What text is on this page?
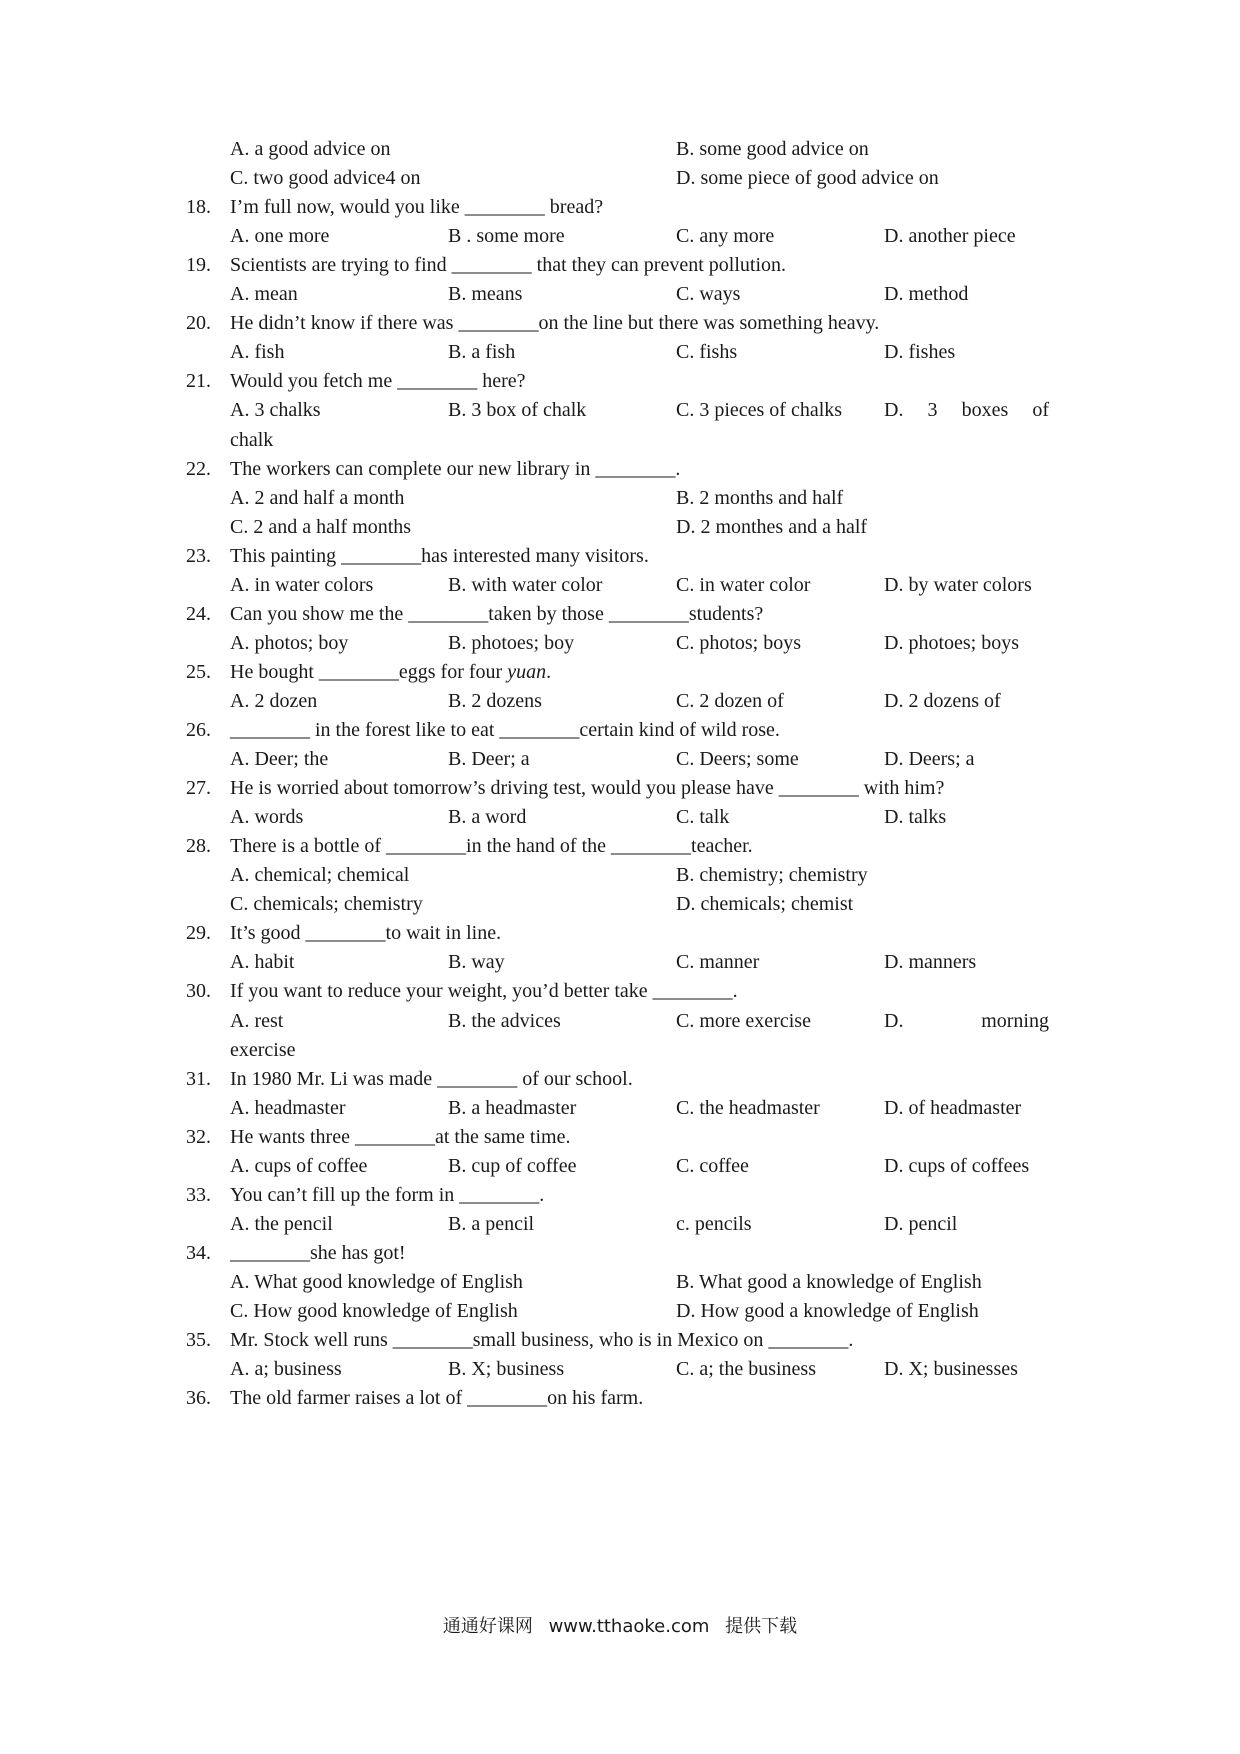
A. a good advice on	B. some good advice on
C. two good advice4 on	D. some piece of good advice on
18. I’m full now, would you like ________ bread?
A. one more	B . some more	C. any more	D. another piece
19. Scientists are trying to find ________ that they can prevent pollution.
A. mean	B. means	C. ways	D. method
20. He didn’t know if there was ________on the line but there was something heavy.
A. fish	B. a fish	C. fishs	D. fishes
21. Would you fetch me ________ here?
A. 3 chalks	B. 3 box of chalk	C. 3 pieces of chalks D. 3 boxes of
chalk
22. The workers can complete our new library in ________.
A. 2 and half a month	B. 2 months and half
C. 2 and a half months	D. 2 monthes and a half
23. This painting ________has interested many visitors.
A. in water colors	B. with water color	C. in water color	D. by water colors
24. Can you show me the ________taken by those ________students?
A. photos; boy	B. photoes; boy	C. photos; boys	D. photoes; boys
25. He bought ________eggs for four yuan.
A. 2 dozen	B. 2 dozens	C. 2 dozen of	D. 2 dozens of
26. ________ in the forest like to eat ________certain kind of wild rose.
A. Deer; the	B. Deer; a	C. Deers; some	D. Deers; a
27. He is worried about tomorrow’s driving test, would you please have ________ with him?
A. words	B. a word	C. talk	D. talks
28. There is a bottle of ________in the hand of the ________teacher.
A. chemical; chemical	B. chemistry; chemistry
C. chemicals; chemistry	D. chemicals; chemist
29. It’s good ________to wait in line.
A. habit	B. way	C. manner	D. manners
30. If you want to reduce your weight, you’d better take ________.
A. rest	B. the advices	C. more exercise	D.	morning
exercise
31. In 1980 Mr. Li was made ________ of our school.
A. headmaster	B. a headmaster	C. the headmaster	D. of headmaster
32. He wants three ________at the same time.
A. cups of coffee	B. cup of coffee	C. coffee	D. cups of coffees
33. You can’t fill up the form in ________.
A. the pencil	B. a pencil	c. pencils	D. pencil
34. ________she has got!
A. What good knowledge of English	B. What good a knowledge of English
C. How good knowledge of English	D. How good a knowledge of English
35. Mr. Stock well runs ________small business, who is in Mexico on ________.
A. a; business	B. X; business	C. a; the business	D. X; businesses
36. The old farmer raises a lot of ________on his farm.
通通好课网 www.tthaoke.com 提供下载
